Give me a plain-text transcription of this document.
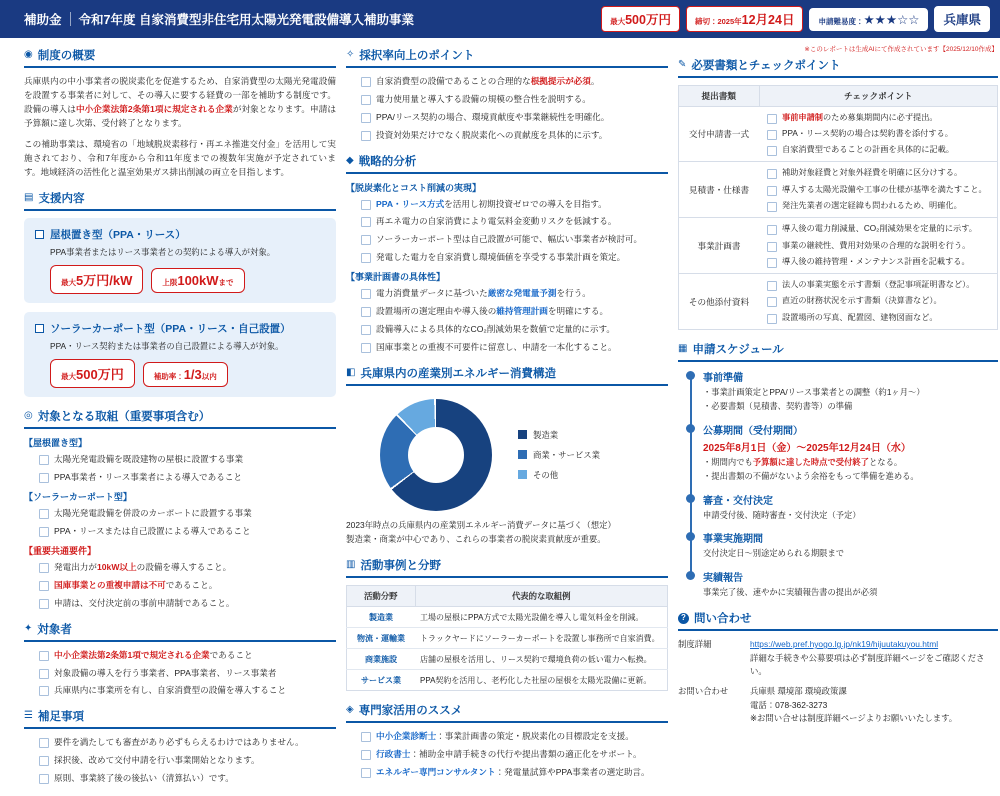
補助金 令和7年度 自家消費型非住宅用太陽光発電設備導入補助事業	最大 500万円	締切：2025年 12月24日	申請難易度： ★★★☆☆ 兵庫県
◉ 制度の概要

兵庫県内の中小事業者の脱炭素化を促進するため、自家消費型の太陽光発電設備を設置する事業者に対して、その導入に要する経費の一部を補助する制度です。設備の導入は中小企業法第2条第1項に規定される企業が対象となります。申請は予算額に達し次第、受付終了となります。

この補助事業は、環境省の「地域脱炭素移行・再エネ推進交付金」を活用して実施されており、令和7年度から令和11年度までの複数年実施が予定されています。地域経済の活性化と温室効果ガス排出削減の両立を目指します。

▤ 支援内容
屋根置き型（PPA・リース）

PPA事業者またはリース事業者との契約による導入が対象。

最大 5万円/kW	上限 100kW まで
ソーラーカーポート型（PPA・リース・自己設置）

PPA・リース契約または事業者の自己設置による導入が対象。

最大 500万円	補助率： 1/3 以内
◎ 対象となる取組（重要事項含む）
【屋根置き型】
太陽光発電設備を既設建物の屋根に設置する事業
PPA事業者・リース事業者による導入であること
【ソーラーカーポート型】
太陽光発電設備を併設のカーポートに設置する事業
PPA・リースまたは自己設置による導入であること
【重要共通要件】
発電出力が10kW以上の設備を導入すること。
国庫事業との重複申請は不可であること。
申請は、交付決定前の事前申請制であること。
✦ 対象者
中小企業法第2条第1項で規定される企業であること
対象設備の導入を行う事業者、PPA事業者、リース事業者
兵庫県内に事業所を有し、自家消費型の設備を導入すること
☰ 補足事項
要件を満たしても審査があり必ずもらえるわけではありません。
採択後、改めて交付申請を行い事業開始となります。
原則、事業終了後の後払い（清算払い）です。
✧ 採択率向上のポイント
自家消費型の設備であることの合理的な根拠提示が必須。
電力使用量と導入する設備の規模の整合性を説明する。
PPA/リース契約の場合、環境貢献度や事業継続性を明確化。
投資対効果だけでなく脱炭素化への貢献度を具体的に示す。
◆ 戦略的分析
【脱炭素化とコスト削減の実現】
PPA・リース方式を活用し初期投資ゼロでの導入を目指す。
再エネ電力の自家消費により電気料金変動リスクを低減する。
ソーラーカーポート型は自己設置が可能で、幅広い事業者が検討可。
発電した電力を自家消費し環境価値を享受する事業計画を策定。
【事業計画書の具体性】
電力消費量データに基づいた厳密な発電量予測を行う。
設置場所の選定理由や導入後の維持管理計画を明確にする。
設備導入による具体的なCO₂削減効果を数値で定量的に示す。
国庫事業との重複不可要件に留意し、申請を一本化すること。
◧ 兵庫県内の産業別エネルギー消費構造
製造業
商業・サービス業
その他

2023年時点の兵庫県内の産業別エネルギー消費データに基づく（想定）
製造業・商業が中心であり、これらの事業者の脱炭素貢献度が重要。

▥ 活動事例と分野
活動分野	代表的な取組例
製造業	工場の屋根にPPA方式で太陽光設備を導入し電気料金を削減。
物流・運輸業	トラックヤードにソーラーカーポートを設置し事務所で自家消費。
商業施設	店舗の屋根を活用し、リース契約で環境負荷の低い電力へ転換。
サービス業	PPA契約を活用し、老朽化した社屋の屋根を太陽光設備に更新。
◈ 専門家活用のススメ
中小企業診断士：事業計画書の策定・脱炭素化の目標設定を支援。
行政書士：補助金申請手続きの代行や提出書類の適正化をサポート。
エネルギー専門コンサルタント：発電量試算やPPA事業者の選定助言。
※このレポートは生成AIにて作成されています【2025/12/10作成】
✎ 必要書類とチェックポイント
提出書類	チェックポイント
交付申請書一式	事前申請制のため募集期間内に必ず提出。
PPA・リース契約の場合は契約書を添付する。
自家消費型であることの計画を具体的に記載。

見積書・仕様書	補助対象経費と対象外経費を明確に区分けする。
導入する太陽光設備や工事の仕様が基準を満たすこと。
発注先業者の選定経緯も問われるため、明確化。

事業計画書	導入後の電力削減量、CO₂削減効果を定量的に示す。
事業の継続性、費用対効果の合理的な説明を行う。
導入後の維持管理・メンテナンス計画を記載する。

その他添付資料	法人の事業実態を示す書類（登記事項証明書など）。
直近の財務状況を示す書類（決算書など）。
設置場所の写真、配置図、建物図面など。
▦ 申請スケジュール
事前準備

・事業計画策定とPPA/リース事業者との調整（約1ヶ月〜）

・必要書類（見積書、契約書等）の準備

公募期間（受付期間）
2025年8月1日（金）〜2025年12月24日（水）

・期間内でも予算額に達した時点で受付終了となる。

・提出書類の不備がないよう余裕をもって準備を進める。

審査・交付決定

申請受付後、随時審査・交付決定（予定）

事業実施期間

交付決定日〜別途定められる期限まで

実績報告

事業完了後、速やかに実績報告書の提出が必須

? 問い合わせ
制度詳細	https://web.pref.hyogo.lg.jp/nk19/hijuutakuyou.html
詳細な手続きや公募要項は必ず制度詳細ページをご確認ください。
お問い合わせ	兵庫県 環境部 環境政策課
電話：078-362-3273
※お問い合せは制度詳細ページよりお願いいたします。
